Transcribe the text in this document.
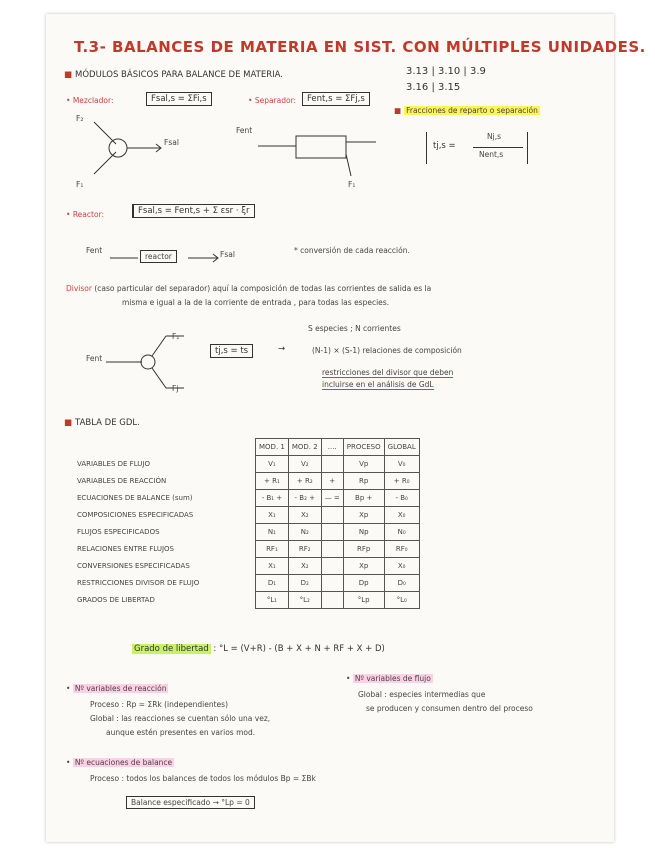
T.3- BALANCES DE MATERIA EN SIST. CON MÚLTIPLES UNIDADES.
■ MÓDULOS BÁSICOS PARA BALANCE DE MATERIA.	3.13 | 3.10 | 3.9
3.16 | 3.15
• Mezclador:	Fsal,s = ΣFi,s
F₂
F₁
Fsal
• Separador:	Fent,s = ΣFj,s
Fent
F₁
■ Fracciones de reparto o separación
tj,s =
Nj,s
Nent,s
• Reactor:	Fsal,s = Fent,s + Σ εsr · ξr
Fent
reactor	Fsal	* conversión de cada reacción.
Divisor (caso particular del separador) aquí la composición de todas las corrientes de salida es la
misma e igual a la de la corriente de entrada , para todas las especies.
Fent
F₁
Fj
tj,s = ts	→
S especies ; N corrientes
(N-1) × (S-1) relaciones de composición
restricciones del divisor que deben
incluirse en el análisis de GdL
■ TABLA DE GDL.
	MOD. 1	MOD. 2	....	PROCESO	GLOBAL
VARIABLES DE FLUJO	V₁	V₂		Vp	V₀
VARIABLES DE REACCIÓN	+ R₁	+ R₂	+	Rp	+ R₀
ECUACIONES DE BALANCE (sum)	- B₁ +	- B₂ +	— =	Bp +	- B₀
COMPOSICIONES ESPECIFICADAS	X₁	X₂		Xp	X₀
FLUJOS ESPECIFICADOS	N₁	N₂		Np	N₀
RELACIONES ENTRE FLUJOS	RF₁	RF₂		RFp	RF₀
CONVERSIONES ESPECIFICADAS	X₁	X₂		Xp	X₀
RESTRICCIONES DIVISOR DE FLUJO	D₁	D₂		Dp	D₀
GRADOS DE LIBERTAD	°L₁	°L₂		°Lp	°L₀
Grado de libertad : °L = (V+R) - (B + X + N + RF + X + D)
• Nº variables de reacción
Proceso : Rp = ΣRk (independientes)
Global : las reacciones se cuentan sólo una vez,
aunque estén presentes en varios mod.
• Nº variables de flujo
Global : especies intermedias que
se producen y consumen dentro del proceso
• Nº ecuaciones de balance
Proceso : todos los balances de todos los módulos Bp = ΣBk
Balance especificado → °Lp = 0
